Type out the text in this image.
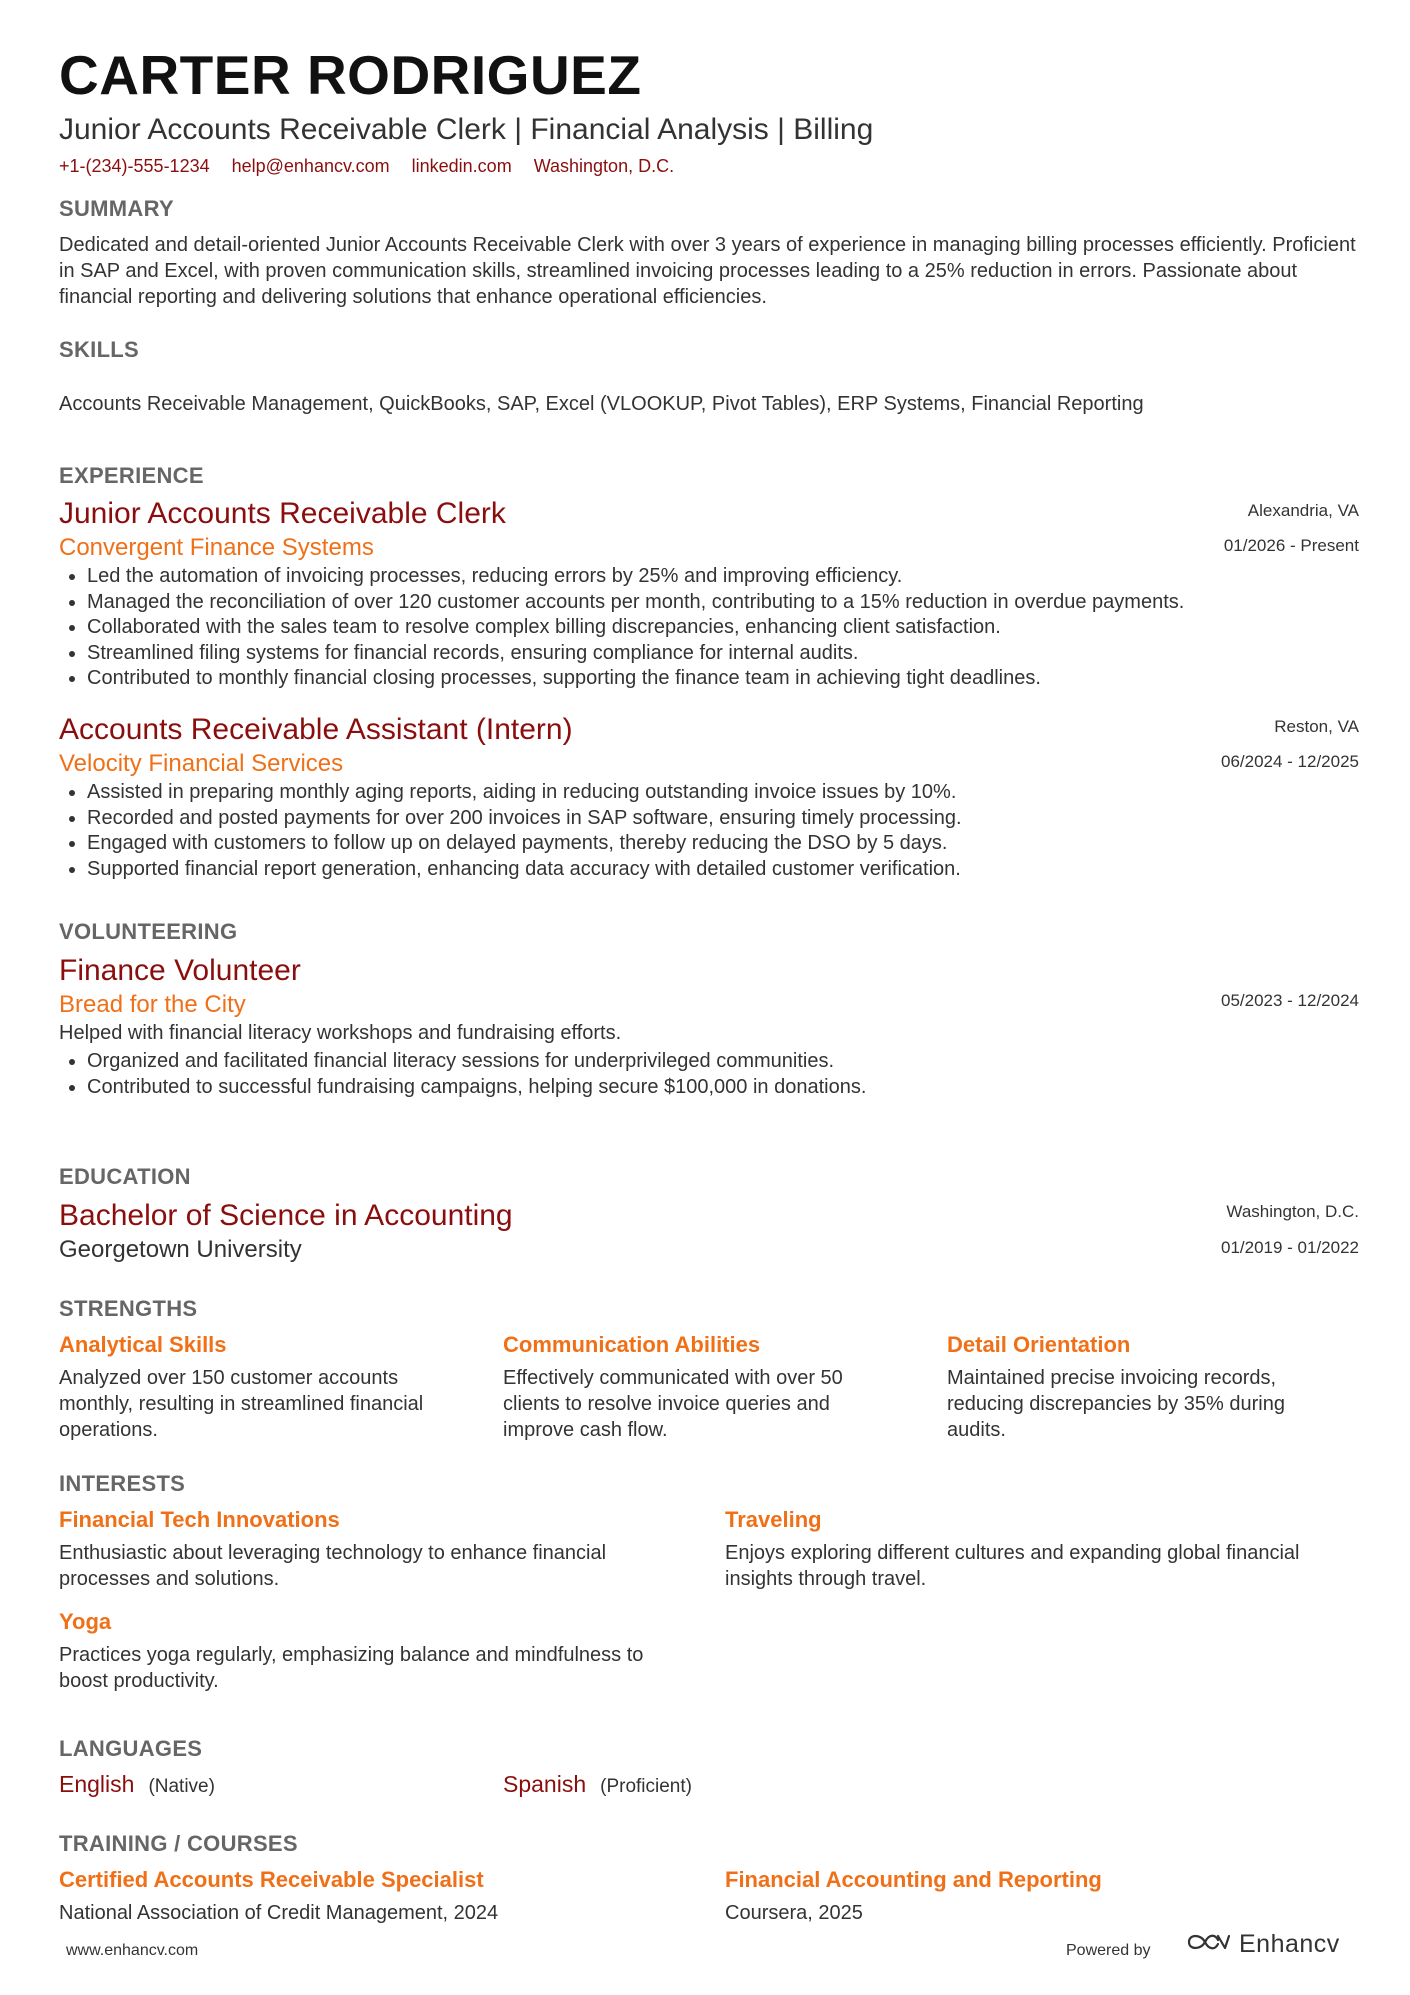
CARTER RODRIGUEZ
Junior Accounts Receivable Clerk | Financial Analysis | Billing
+1-(234)-555-1234 help@enhancv.com linkedin.com Washington, D.C.
SUMMARY
Dedicated and detail-oriented Junior Accounts Receivable Clerk with over 3 years of experience in managing billing processes efficiently. Proficient in SAP and Excel, with proven communication skills, streamlined invoicing processes leading to a 25% reduction in errors. Passionate about financial reporting and delivering solutions that enhance operational efficiencies.
SKILLS
Accounts Receivable Management, QuickBooks, SAP, Excel (VLOOKUP, Pivot Tables), ERP Systems, Financial Reporting
EXPERIENCE
Junior Accounts Receivable Clerk
Convergent Finance Systems
Alexandria, VA
01/2026 - Present
• Led the automation of invoicing processes, reducing errors by 25% and improving efficiency.
• Managed the reconciliation of over 120 customer accounts per month, contributing to a 15% reduction in overdue payments.
• Collaborated with the sales team to resolve complex billing discrepancies, enhancing client satisfaction.
• Streamlined filing systems for financial records, ensuring compliance for internal audits.
• Contributed to monthly financial closing processes, supporting the finance team in achieving tight deadlines.
Accounts Receivable Assistant (Intern)
Velocity Financial Services
Reston, VA
06/2024 - 12/2025
• Assisted in preparing monthly aging reports, aiding in reducing outstanding invoice issues by 10%.
• Recorded and posted payments for over 200 invoices in SAP software, ensuring timely processing.
• Engaged with customers to follow up on delayed payments, thereby reducing the DSO by 5 days.
• Supported financial report generation, enhancing data accuracy with detailed customer verification.
VOLUNTEERING
Finance Volunteer
Bread for the City	05/2023 - 12/2024
Helped with financial literacy workshops and fundraising efforts.
• Organized and facilitated financial literacy sessions for underprivileged communities.
• Contributed to successful fundraising campaigns, helping secure $100,000 in donations.
EDUCATION
Bachelor of Science in Accounting
Georgetown University
Washington, D.C.
01/2019 - 01/2022
STRENGTHS
Analytical Skills
Analyzed over 150 customer accounts monthly, resulting in streamlined financial operations.
Communication Abilities
Effectively communicated with over 50 clients to resolve invoice queries and improve cash flow.
Detail Orientation
Maintained precise invoicing records, reducing discrepancies by 35% during audits.
INTERESTS
Financial Tech Innovations
Enthusiastic about leveraging technology to enhance financial processes and solutions.
Traveling
Enjoys exploring different cultures and expanding global financial insights through travel.
Yoga
Practices yoga regularly, emphasizing balance and mindfulness to boost productivity.
LANGUAGES
English (Native)	Spanish (Proficient)
TRAINING / COURSES
Certified Accounts Receivable Specialist
National Association of Credit Management, 2024
Financial Accounting and Reporting
Coursera, 2025
www.enhancv.com	Powered by	Enhancv
